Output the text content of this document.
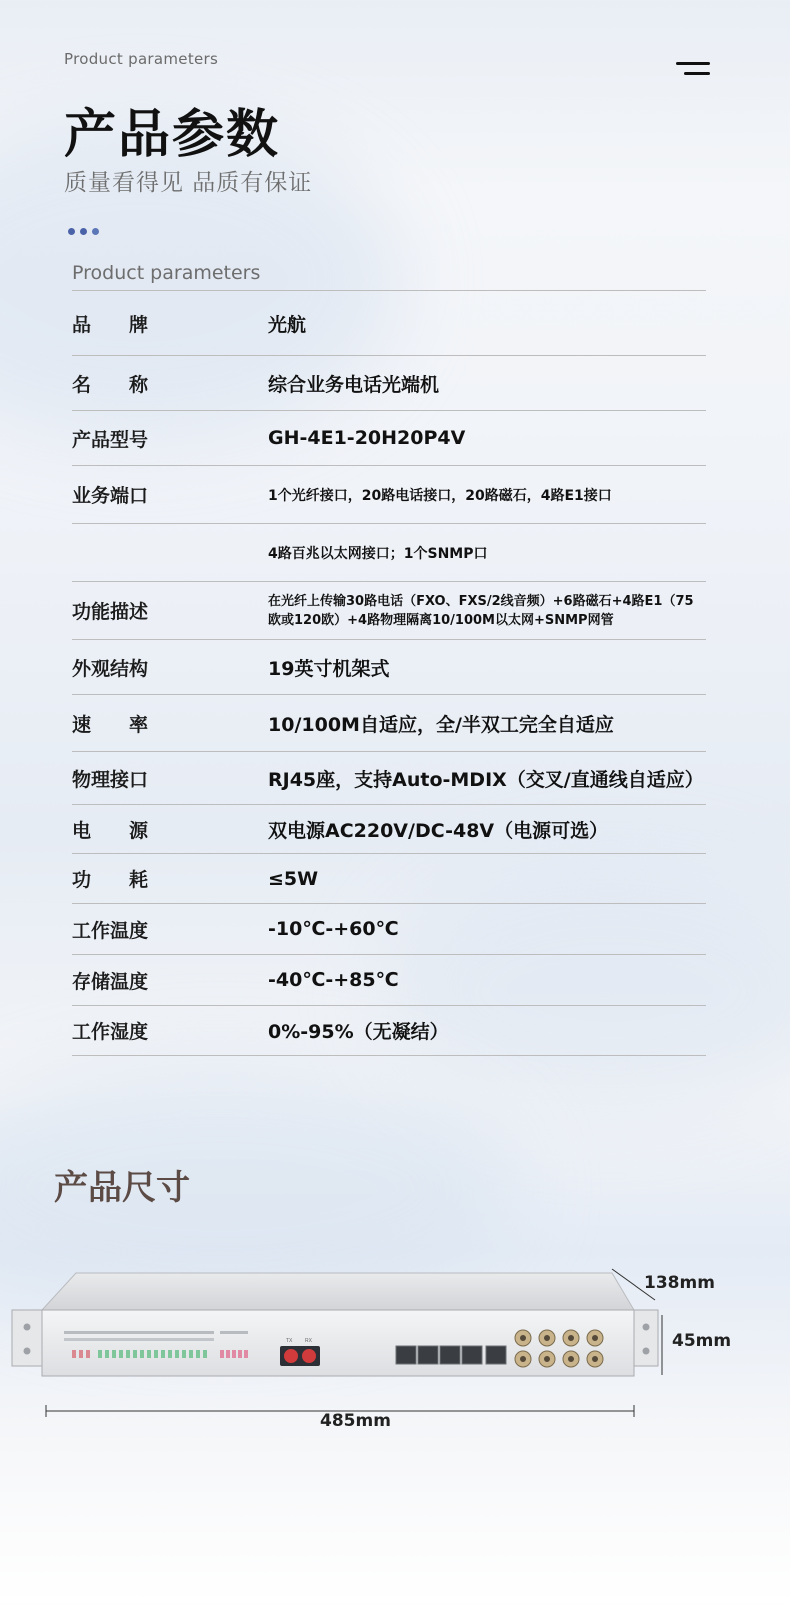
Product parameters
产品参数
质量看得见 品质有保证
Product parameters
品　　牌	光航
名　　称	综合业务电话光端机
产品型号	GH-4E1-20H20P4V
业务端口	1个光纤接口，20路电话接口，20路磁石，4路E1接口
4路百兆以太网接口；1个SNMP口
功能描述	在光纤上传输30路电话（FXO、FXS/2线音频）+6路磁石+4路E1（75欧或120欧）+4路物理隔离10/100M以太网+SNMP网管
外观结构	19英寸机架式
速　　率	10/100M自适应，全/半双工完全自适应
物理接口	RJ45座，支持Auto-MDIX（交叉/直通线自适应）
电　　源	双电源AC220V/DC-48V（电源可选）
功　　耗	≤5W
工作温度	-10℃-+60℃
存储温度	-40℃-+85℃
工作湿度	0%-95%（无凝结）
产品尺寸
TX	RX
138mm
45mm
485mm
